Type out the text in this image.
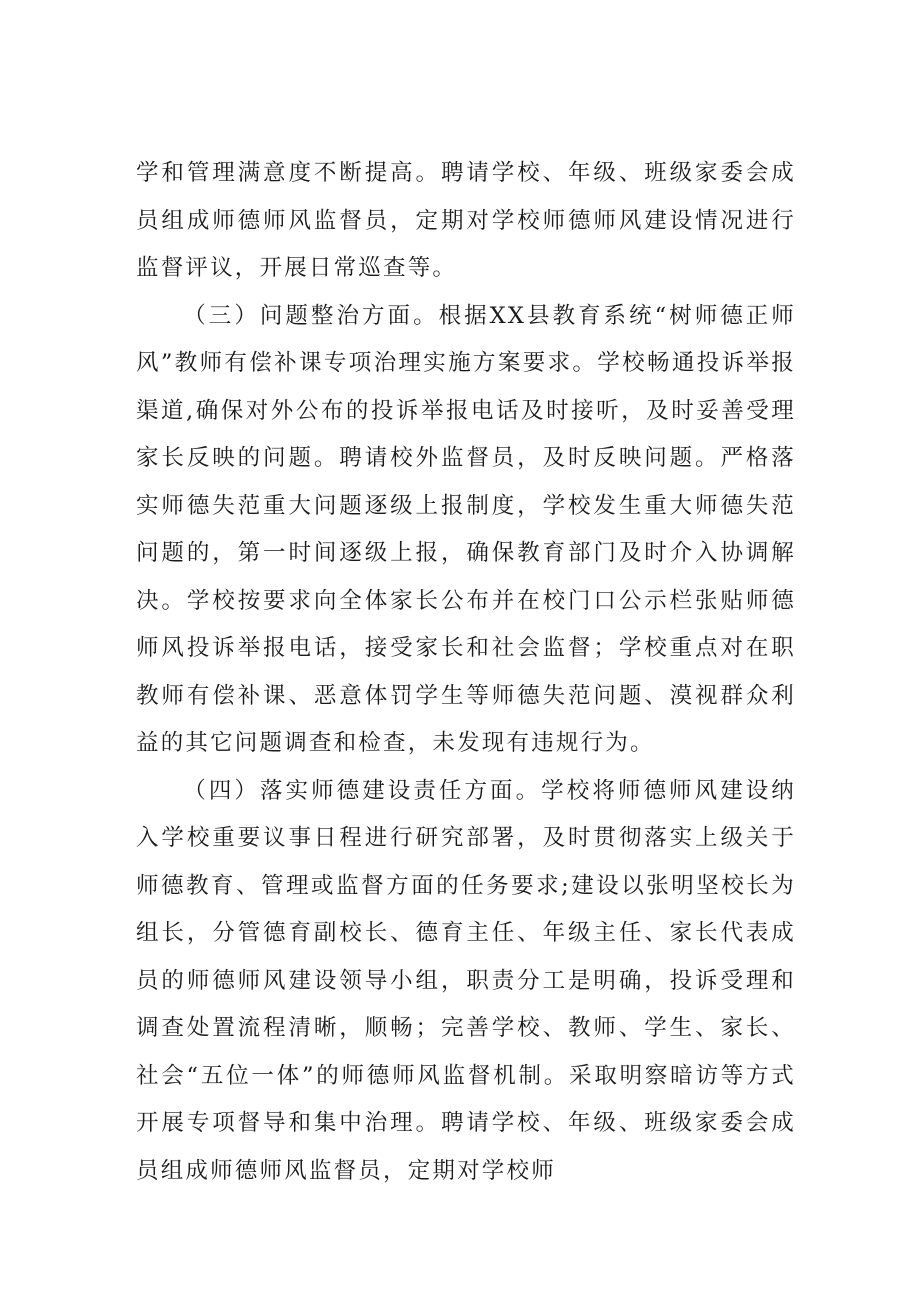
学和管理满意度不断提高。聘请学校、年级、班级家委会成员组成师德师风监督员，定期对学校师德师风建设情况进行监督评议，开展日常巡查等。

（三）问题整治方面。根据XX县教育系统“树师德正师风”教师有偿补课专项治理实施方案要求。学校畅通投诉举报渠道,确保对外公布的投诉举报电话及时接听，及时妥善受理家长反映的问题。聘请校外监督员，及时反映问题。严格落实师德失范重大问题逐级上报制度，学校发生重大师德失范问题的，第一时间逐级上报，确保教育部门及时介入协调解决。学校按要求向全体家长公布并在校门口公示栏张贴师德师风投诉举报电话，接受家长和社会监督；学校重点对在职教师有偿补课、恶意体罚学生等师德失范问题、漠视群众利益的其它问题调查和检查，未发现有违规行为。

（四）落实师德建设责任方面。学校将师德师风建设纳入学校重要议事日程进行研究部署，及时贯彻落实上级关于师德教育、管理或监督方面的任务要求;建设以张明坚校长为组长，分管德育副校长、德育主任、年级主任、家长代表成员的师德师风建设领导小组，职责分工是明确，投诉受理和调查处置流程清晰，顺畅；完善学校、教师、学生、家长、社会“五位一体”的师德师风监督机制。采取明察暗访等方式开展专项督导和集中治理。聘请学校、年级、班级家委会成员组成师德师风监督员，定期对学校师
